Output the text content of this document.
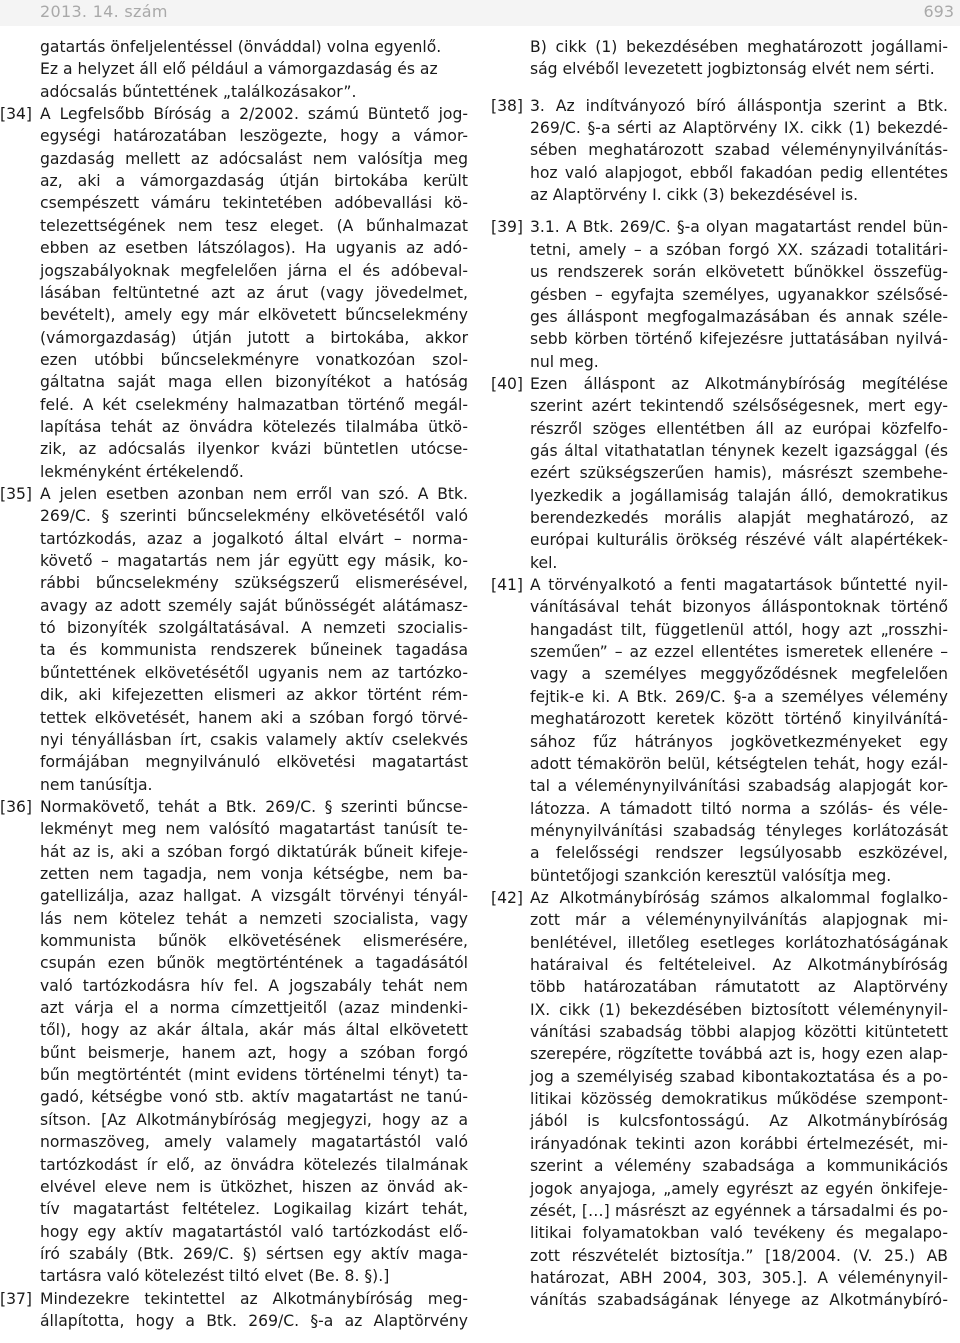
2013. 14. szám	693
gatartás önfeljelentéssel (önváddal) volna egyenlő.
Ez a helyzet áll elő például a vámorgazdaság és az
adócsalás bűntettének „találkozásakor”.
[34] A Legfelsőbb Bíróság a 2/2002. számú Büntető jog-
egységi határozatában leszögezte, hogy a vámor-
gazdaság mellett az adócsalást nem valósítja meg
az, aki a vámorgazdaság útján birtokába került
csempészett vámáru tekintetében adóbevallási kö-
telezettségének nem tesz eleget. (A bűnhalmazat
ebben az esetben látszólagos). Ha ugyanis az adó-
jogszabályoknak megfelelően járna el és adóbeval-
lásában feltüntetné azt az árut (vagy jövedelmet,
bevételt), amely egy már elkövetett bűncselekmény
(vámorgazdaság) útján jutott a birtokába, akkor
ezen utóbbi bűncselekményre vonatkozóan szol-
gáltatna saját maga ellen bizonyítékot a hatóság
felé. A két cselekmény halmazatban történő megál-
lapítása tehát az önvádra kötelezés tilalmába ütkö-
zik, az adócsalás ilyenkor kvázi büntetlen utócse-
lekményként értékelendő.
[35] A jelen esetben azonban nem erről van szó. A Btk.
269/C. § szerinti bűncselekmény elkövetésétől való
tartózkodás, azaz a jogalkotó által elvárt – norma-
követő – magatartás nem jár együtt egy másik, ko-
rábbi bűncselekmény szükségszerű elismerésével,
avagy az adott személy saját bűnösségét alátámasz-
tó bizonyíték szolgáltatásával. A nemzeti szocialis-
ta és kommunista rendszerek bűneinek tagadása
bűntettének elkövetésétől ugyanis nem az tartózko-
dik, aki kifejezetten elismeri az akkor történt rém-
tettek elkövetését, hanem aki a szóban forgó törvé-
nyi tényállásban írt, csakis valamely aktív cselekvés
formájában megnyilvánuló elkövetési magatartást
nem tanúsítja.
[36] Normakövető, tehát a Btk. 269/C. § szerinti bűncse-
lekményt meg nem valósító magatartást tanúsít te-
hát az is, aki a szóban forgó diktatúrák bűneit kifeje-
zetten nem tagadja, nem vonja kétségbe, nem ba-
gatellizálja, azaz hallgat. A vizsgált törvényi tényál-
lás nem kötelez tehát a nemzeti szocialista, vagy
kommunista bűnök elkövetésének elismerésére,
csupán ezen bűnök megtörténtének a tagadásától
való tartózkodásra hív fel. A jogszabály tehát nem
azt várja el a norma címzettjeitől (azaz mindenki-
től), hogy az akár általa, akár más által elkövetett
bűnt beismerje, hanem azt, hogy a szóban forgó
bűn megtörténtét (mint evidens történelmi tényt) ta-
gadó, kétségbe vonó stb. aktív magatartást ne tanú-
sítson. [Az Alkotmánybíróság megjegyzi, hogy az a
normaszöveg, amely valamely magatartástól való
tartózkodást ír elő, az önvádra kötelezés tilalmának
elvével eleve nem is ütközhet, hiszen az önvád ak-
tív magatartást feltételez. Logikailag kizárt tehát,
hogy egy aktív magatartástól való tartózkodást elő-
író szabály (Btk. 269/C. §) sértsen egy aktív maga-
tartásra való kötelezést tiltó elvet (Be. 8. §).]
[37] Mindezekre tekintettel az Alkotmánybíróság meg-
állapította, hogy a Btk. 269/C. §-a az Alaptörvény
B) cikk (1) bekezdésében meghatározott jogállami-
ság elvéből levezetett jogbiztonság elvét nem sérti.
[38] 3. Az indítványozó bíró álláspontja szerint a Btk.
269/C. §-a sérti az Alaptörvény IX. cikk (1) bekezdé-
sében meghatározott szabad véleménynyilvánítás-
hoz való alapjogot, ebből fakadóan pedig ellentétes
az Alaptörvény I. cikk (3) bekezdésével is.
[39] 3.1. A Btk. 269/C. §-a olyan magatartást rendel bün-
tetni, amely – a szóban forgó XX. századi totalitári-
us rendszerek során elkövetett bűnökkel összefüg-
gésben – egyfajta személyes, ugyanakkor szélsősé-
ges álláspont megfogalmazásában és annak széle-
sebb körben történő kifejezésre juttatásában nyilvá-
nul meg.
[40] Ezen álláspont az Alkotmánybíróság megítélése
szerint azért tekintendő szélsőségesnek, mert egy-
részről szöges ellentétben áll az európai közfelfo-
gás által vitathatatlan ténynek kezelt igazsággal (és
ezért szükségszerűen hamis), másrészt szembehe-
lyezkedik a jogállamiság talaján álló, demokratikus
berendezkedés morális alapját meghatározó, az
európai kulturális örökség részévé vált alapértékek-
kel.
[41] A törvényalkotó a fenti magatartások bűntetté nyil-
vánításával tehát bizonyos álláspontoknak történő
hangadást tilt, függetlenül attól, hogy azt „rosszhi-
szeműen” – az ezzel ellentétes ismeretek ellenére –
vagy a személyes meggyőződésnek megfelelően
fejtik-e ki. A Btk. 269/C. §-a a személyes vélemény
meghatározott keretek között történő kinyilvánítá-
sához fűz hátrányos jogkövetkezményeket egy
adott témakörön belül, kétségtelen tehát, hogy ezál-
tal a véleménynyilvánítási szabadság alapjogát kor-
látozza. A támadott tiltó norma a szólás- és véle-
ménynyilvánítási szabadság tényleges korlátozását
a felelősségi rendszer legsúlyosabb eszközével,
büntetőjogi szankción keresztül valósítja meg.
[42] Az Alkotmánybíróság számos alkalommal foglalko-
zott már a véleménynyilvánítás alapjognak mi-
benlétével, illetőleg esetleges korlátozhatóságának
határaival és feltételeivel. Az Alkotmánybíróság
több határozatában rámutatott az Alaptörvény
IX. cikk (1) bekezdésében biztosított véleménynyil-
vánítási szabadság többi alapjog közötti kitüntetett
szerepére, rögzítette továbbá azt is, hogy ezen alap-
jog a személyiség szabad kibontakoztatása és a po-
litikai közösség demokratikus működése szempont-
jából is kulcsfontosságú. Az Alkotmánybíróság
irányadónak tekinti azon korábbi értelmezését, mi-
szerint a vélemény szabadsága a kommunikációs
jogok anyajoga, „amely egyrészt az egyén önkifeje-
zését, […] másrészt az egyénnek a társadalmi és po-
litikai folyamatokban való tevékeny és megalapo-
zott részvételét biztosítja.” [18/2004. (V. 25.) AB
határozat, ABH 2004, 303, 305.]. A véleménynyil-
vánítás szabadságának lényege az Alkotmánybíró-
